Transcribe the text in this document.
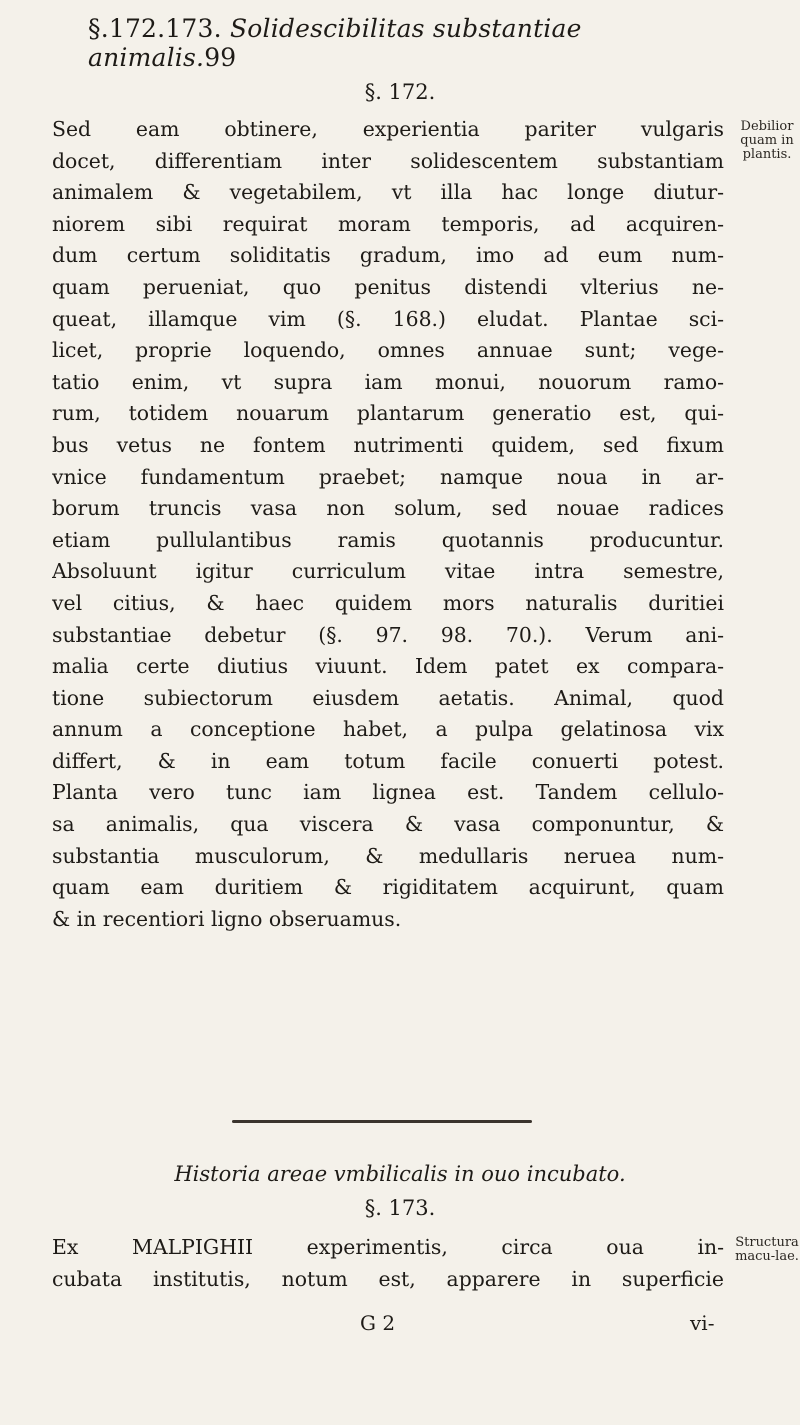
§.172.173. Solidescibilitas substantiae animalis.99
§. 172.
Sed eam obtinere, experientia pariter vulgaris
docet, differentiam inter solidescentem substantiam
animalem & vegetabilem, vt illa hac longe diutur-
niorem sibi requirat moram temporis, ad acquiren-
dum certum soliditatis gradum, imo ad eum num-
quam perueniat, quo penitus distendi vlterius ne-
queat, illamque vim (§. 168.) eludat. Plantae sci-
licet, proprie loquendo, omnes annuae sunt; vege-
tatio enim, vt supra iam monui, nouorum ramo-
rum, totidem nouarum plantarum generatio est, qui-
bus vetus ne fontem nutrimenti quidem, sed fixum
vnice fundamentum praebet; namque noua in ar-
borum truncis vasa non solum, sed nouae radices
etiam pullulantibus ramis quotannis producuntur.
Absoluunt igitur curriculum vitae intra semestre,
vel citius, & haec quidem mors naturalis duritiei
substantiae debetur (§. 97. 98. 70.). Verum ani-
malia certe diutius viuunt. Idem patet ex compara-
tione subiectorum eiusdem aetatis. Animal, quod
annum a conceptione habet, a pulpa gelatinosa vix
differt, & in eam totum facile conuerti potest.
Planta vero tunc iam lignea est. Tandem cellulo-
sa animalis, qua viscera & vasa componuntur, &
substantia musculorum, & medullaris neruea num-
quam eam duritiem & rigiditatem acquirunt, quam
& in recentiori ligno obseruamus.
Debilior quam in plantis.
Historia areae vmbilicalis in ouo incubato.
§. 173.
Ex MALPIGHII experimentis, circa oua in-
cubata institutis, notum est, apparere in superficie
Structura macu-lae.
G 2	vi-
